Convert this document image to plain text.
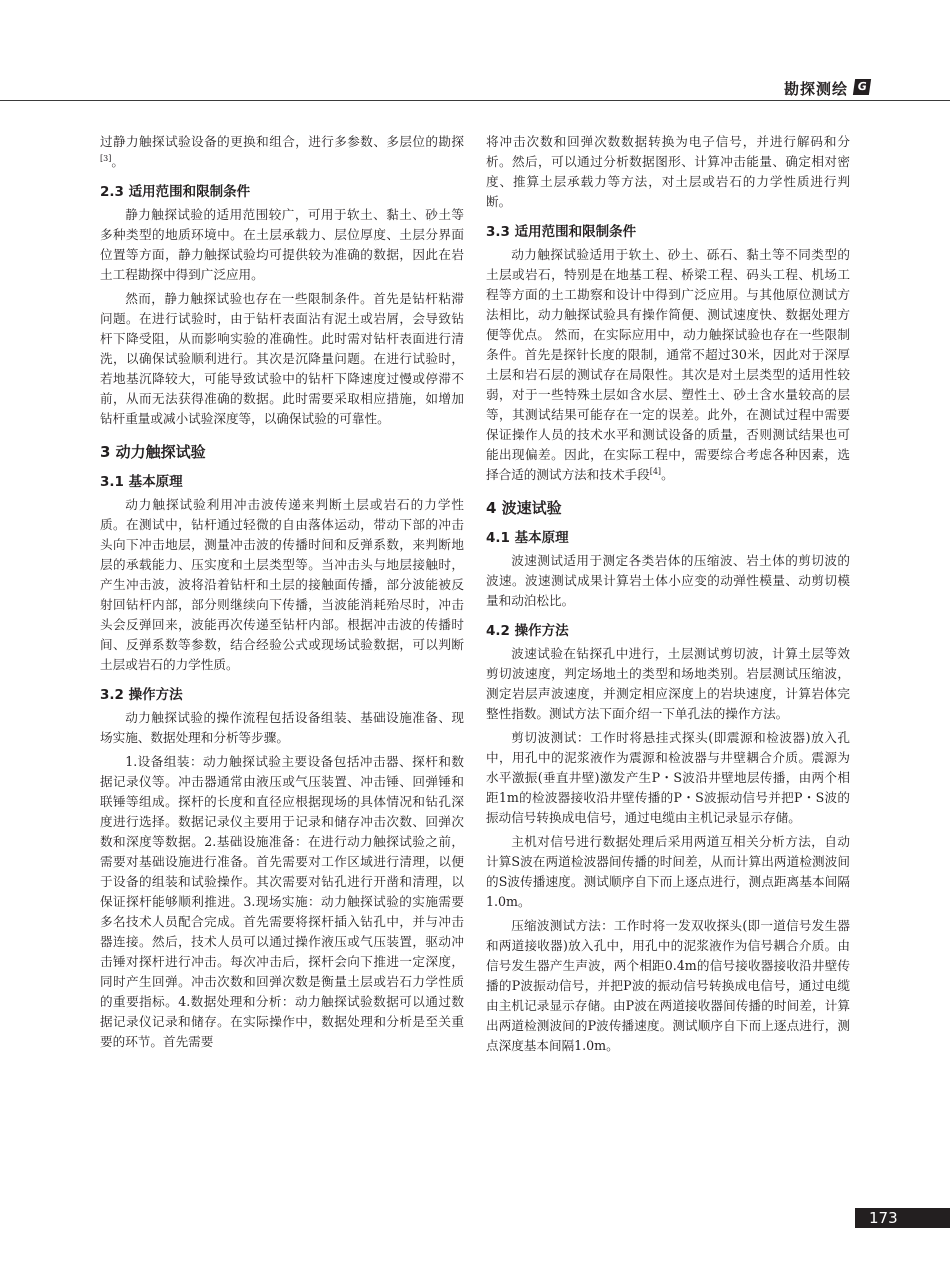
勘探测绘 G

过静力触探试验设备的更换和组合，进行多参数、多层位的勘探[3]。

2.3 适用范围和限制条件

静力触探试验的适用范围较广，可用于软土、黏土、砂土等多种类型的地质环境中。在土层承载力、层位厚度、土层分界面位置等方面，静力触探试验均可提供较为准确的数据，因此在岩土工程勘探中得到广泛应用。

然而，静力触探试验也存在一些限制条件。首先是钻杆粘滞问题。在进行试验时，由于钻杆表面沾有泥土或岩屑，会导致钻杆下降受阻，从而影响实验的准确性。此时需对钻杆表面进行清洗，以确保试验顺利进行。其次是沉降量问题。在进行试验时，若地基沉降较大，可能导致试验中的钻杆下降速度过慢或停滞不前，从而无法获得准确的数据。此时需要采取相应措施，如增加钻杆重量或减小试验深度等，以确保试验的可靠性。

3 动力触探试验
3.1 基本原理

动力触探试验利用冲击波传递来判断土层或岩石的力学性质。在测试中，钻杆通过轻微的自由落体运动，带动下部的冲击头向下冲击地层，测量冲击波的传播时间和反弹系数，来判断地层的承载能力、压实度和土层类型等。当冲击头与地层接触时，产生冲击波，波将沿着钻杆和土层的接触面传播，部分波能被反射回钻杆内部，部分则继续向下传播，当波能消耗殆尽时，冲击头会反弹回来，波能再次传递至钻杆内部。根据冲击波的传播时间、反弹系数等参数，结合经验公式或现场试验数据，可以判断土层或岩石的力学性质。

3.2 操作方法

动力触探试验的操作流程包括设备组装、基础设施准备、现场实施、数据处理和分析等步骤。

1.设备组装：动力触探试验主要设备包括冲击器、探杆和数据记录仪等。冲击器通常由液压或气压装置、冲击锤、回弹锤和联锤等组成。探杆的长度和直径应根据现场的具体情况和钻孔深度进行选择。数据记录仪主要用于记录和储存冲击次数、回弹次数和深度等数据。2.基础设施准备：在进行动力触探试验之前，需要对基础设施进行准备。首先需要对工作区域进行清理，以便于设备的组装和试验操作。其次需要对钻孔进行开凿和清理，以保证探杆能够顺利推进。3.现场实施：动力触探试验的实施需要多名技术人员配合完成。首先需要将探杆插入钻孔中，并与冲击器连接。然后，技术人员可以通过操作液压或气压装置，驱动冲击锤对探杆进行冲击。每次冲击后，探杆会向下推进一定深度，同时产生回弹。冲击次数和回弹次数是衡量土层或岩石力学性质的重要指标。4.数据处理和分析：动力触探试验数据可以通过数据记录仪记录和储存。在实际操作中，数据处理和分析是至关重要的环节。首先需要

将冲击次数和回弹次数数据转换为电子信号，并进行解码和分析。然后，可以通过分析数据图形、计算冲击能量、确定相对密度、推算土层承载力等方法，对土层或岩石的力学性质进行判断。

3.3 适用范围和限制条件

动力触探试验适用于软土、砂土、砾石、黏土等不同类型的土层或岩石，特别是在地基工程、桥梁工程、码头工程、机场工程等方面的土工勘察和设计中得到广泛应用。与其他原位测试方法相比，动力触探试验具有操作简便、测试速度快、数据处理方便等优点。 然而，在实际应用中，动力触探试验也存在一些限制条件。首先是探针长度的限制，通常不超过30米，因此对于深厚土层和岩石层的测试存在局限性。其次是对土层类型的适用性较弱，对于一些特殊土层如含水层、塑性土、砂土含水量较高的层等，其测试结果可能存在一定的误差。此外，在测试过程中需要保证操作人员的技术水平和测试设备的质量，否则测试结果也可能出现偏差。因此，在实际工程中，需要综合考虑各种因素，选择合适的测试方法和技术手段[4]。

4 波速试验
4.1 基本原理

波速测试适用于测定各类岩体的压缩波、岩土体的剪切波的波速。波速测试成果计算岩土体小应变的动弹性模量、动剪切模量和动泊松比。

4.2 操作方法

波速试验在钻探孔中进行，土层测试剪切波，计算土层等效剪切波速度，判定场地土的类型和场地类别。岩层测试压缩波，测定岩层声波速度，并测定相应深度上的岩块速度，计算岩体完整性指数。测试方法下面介绍一下单孔法的操作方法。

剪切波测试：工作时将悬挂式探头(即震源和检波器)放入孔中，用孔中的泥浆液作为震源和检波器与井壁耦合介质。震源为水平激振(垂直井壁)激发产生P・S波沿井壁地层传播，由两个相距1m的检波器接收沿井壁传播的P・S波振动信号并把P・S波的振动信号转换成电信号，通过电缆由主机记录显示存储。

主机对信号进行数据处理后采用两道互相关分析方法，自动计算S波在两道检波器间传播的时间差，从而计算出两道检测波间的S波传播速度。测试顺序自下而上逐点进行，测点距离基本间隔1.0m。

压缩波测试方法：工作时将一发双收探头(即一道信号发生器和两道接收器)放入孔中，用孔中的泥浆液作为信号耦合介质。由信号发生器产生声波，两个相距0.4m的信号接收器接收沿井壁传播的P波振动信号，并把P波的振动信号转换成电信号，通过电缆由主机记录显示存储。由P波在两道接收器间传播的时间差，计算出两道检测波间的P波传播速度。测试顺序自下而上逐点进行，测点深度基本间隔1.0m。

173
